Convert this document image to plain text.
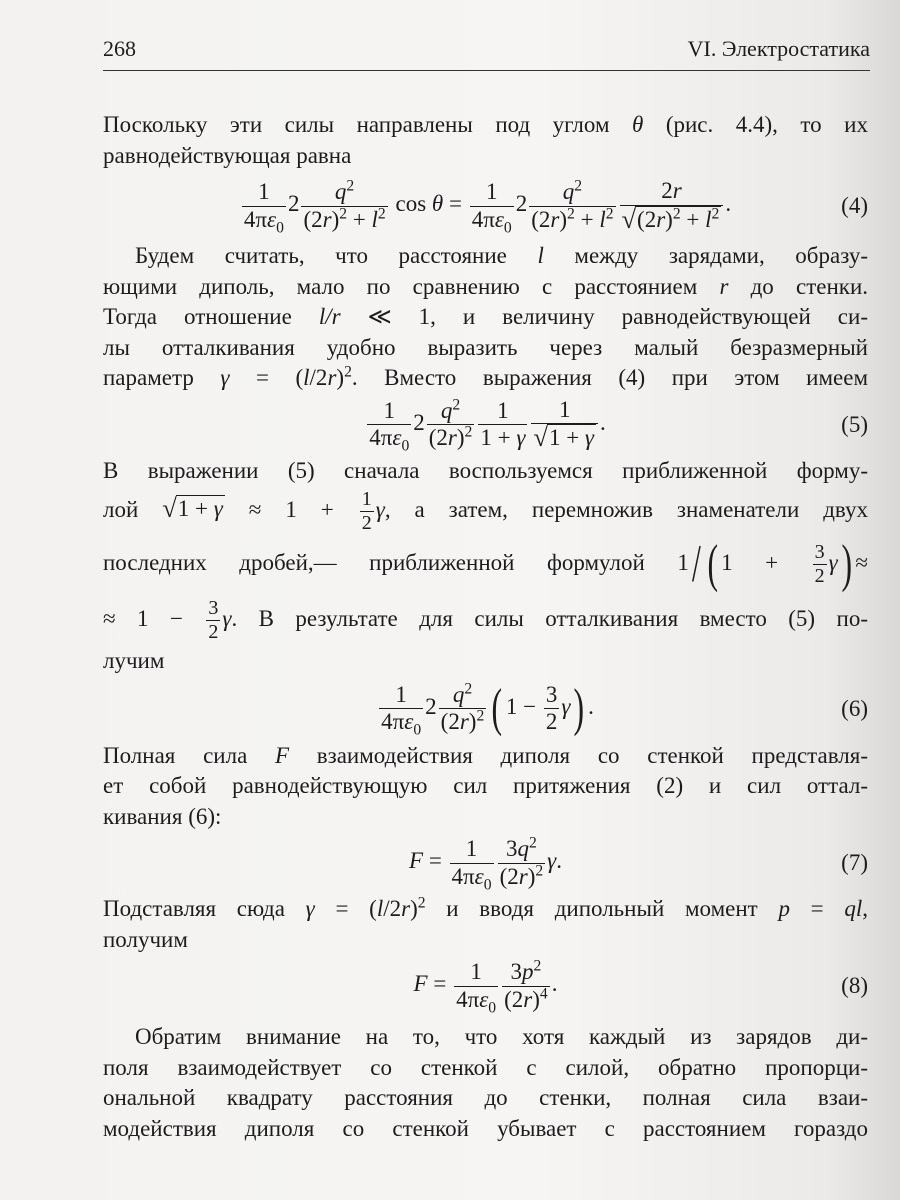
268	VI. Электростатика
Поскольку эти силы направлены под углом θ (рис. 4.4), то их
равнодействующая равна
$\frac{1}{4\pi\varepsilon_0} 2 \frac{q^2}{(2r)^2 + l^2}$ $\cos \theta = \frac{1}{4\pi\varepsilon_0} 2 \frac{q^2}{(2r)^2 + l^2} \frac{2r}{√ (2r)^2 + l^2}$ .	(4)
Будем считать, что расстояние l между зарядами, образу-
ющими диполь, мало по сравнению с расстоянием r до стенки.
Тогда отношение l/r ≪ 1, и величину равнодействующей си-
лы отталкивания удобно выразить через малый безразмерный
параметр $\gamma = (l/2r)^2$. Вместо выражения (4) при этом имеем
$\frac{1}{4\pi\varepsilon_0} 2 \frac{q^2}{(2r)^2} \frac{1}{1 + \gamma} \frac{1}{√ 1 + \gamma}$ .	(5)
В выражении (5) сначала воспользуемся приближенной форму-
лой √ $1 + \gamma \approx 1 + \frac{1}{2} \gamma$, а затем, перемножив знаменатели двух
последних дробей,— приближенной формулой 1/ ( $1 + \frac{3}{2} \gamma$) ≈
≈ $1 - \frac{3}{2} \gamma$. В результате для силы отталкивания вместо (5) по-
лучим
$\frac{1}{4\pi\varepsilon_0} 2 \frac{q^2}{(2r)^2}$ ( $1 - \frac{3}{2} \gamma$) .	(6)
Полная сила F взаимодействия диполя со стенкой представля-
ет собой равнодействующую сил притяжения (2) и сил оттал-
кивания (6):
$F = \frac{1}{4\pi\varepsilon_0} \frac{3q^2}{(2r)^2} \gamma$.	(7)
Подставляя сюда $\gamma = (l/2r)^2$ и вводя дипольный момент p = ql,
получим
$F = \frac{1}{4\pi\varepsilon_0} \frac{3p^2}{(2r)^4}$ .	(8)
Обратим внимание на то, что хотя каждый из зарядов ди-
поля взаимодействует со стенкой с силой, обратно пропорци-
ональной квадрату расстояния до стенки, полная сила взаи-
модействия диполя со стенкой убывает с расстоянием гораздо
